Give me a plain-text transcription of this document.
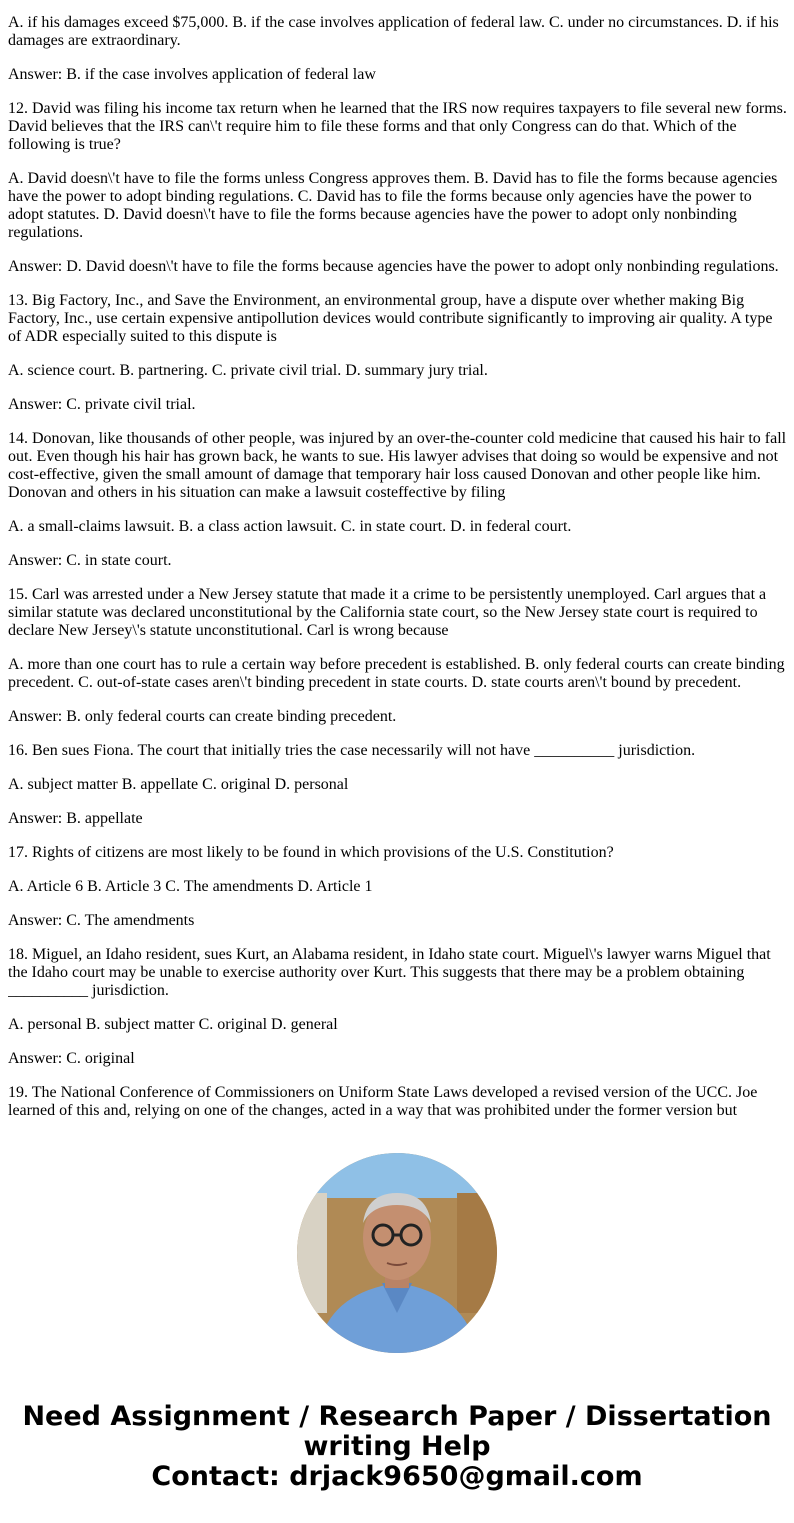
A. if his damages exceed $75,000. B. if the case involves application of federal law. C. under no circumstances. D. if his damages are extraordinary.

Answer: B. if the case involves application of federal law

12. David was filing his income tax return when he learned that the IRS now requires taxpayers to file several new forms. David believes that the IRS can\'t require him to file these forms and that only Congress can do that. Which of the following is true?

A. David doesn\'t have to file the forms unless Congress approves them. B. David has to file the forms because agencies have the power to adopt binding regulations. C. David has to file the forms because only agencies have the power to adopt statutes. D. David doesn\'t have to file the forms because agencies have the power to adopt only nonbinding regulations.

Answer: D. David doesn\'t have to file the forms because agencies have the power to adopt only nonbinding regulations.

13. Big Factory, Inc., and Save the Environment, an environmental group, have a dispute over whether making Big Factory, Inc., use certain expensive antipollution devices would contribute significantly to improving air quality. A type of ADR especially suited to this dispute is

A. science court. B. partnering. C. private civil trial. D. summary jury trial.

Answer: C. private civil trial.

14. Donovan, like thousands of other people, was injured by an over-the-counter cold medicine that caused his hair to fall out. Even though his hair has grown back, he wants to sue. His lawyer advises that doing so would be expensive and not cost-effective, given the small amount of damage that temporary hair loss caused Donovan and other people like him. Donovan and others in his situation can make a lawsuit costeffective by filing

A. a small-claims lawsuit. B. a class action lawsuit. C. in state court. D. in federal court.

Answer: C. in state court.

15. Carl was arrested under a New Jersey statute that made it a crime to be persistently unemployed. Carl argues that a similar statute was declared unconstitutional by the California state court, so the New Jersey state court is required to declare New Jersey\'s statute unconstitutional. Carl is wrong because

A. more than one court has to rule a certain way before precedent is established. B. only federal courts can create binding precedent. C. out-of-state cases aren\'t binding precedent in state courts. D. state courts aren\'t bound by precedent.

Answer: B. only federal courts can create binding precedent.

16. Ben sues Fiona. The court that initially tries the case necessarily will not have __________ jurisdiction.

A. subject matter B. appellate C. original D. personal

Answer: B. appellate

17. Rights of citizens are most likely to be found in which provisions of the U.S. Constitution?

A. Article 6 B. Article 3 C. The amendments D. Article 1

Answer: C. The amendments

18. Miguel, an Idaho resident, sues Kurt, an Alabama resident, in Idaho state court. Miguel\'s lawyer warns Miguel that the Idaho court may be unable to exercise authority over Kurt. This suggests that there may be a problem obtaining __________ jurisdiction.

A. personal B. subject matter C. original D. general

Answer: C. original

19. The National Conference of Commissioners on Uniform State Laws developed a revised version of the UCC. Joe learned of this and, relying on one of the changes, acted in a way that was prohibited under the former version but

Need Assignment / Research Paper / Dissertation writing Help
Contact: drjack9650@gmail.com
